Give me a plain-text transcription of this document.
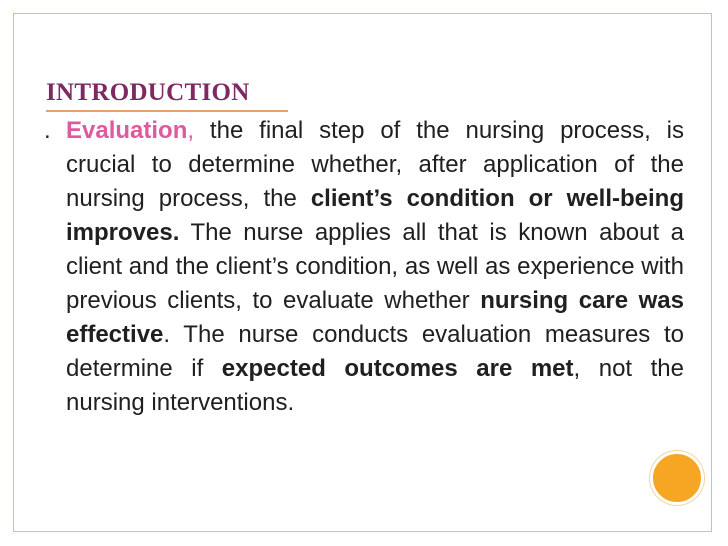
INTRODUCTION
. Evaluation, the final step of the nursing process, is crucial to determine whether, after application of the nursing process, the client’s condition or well-being improves. The nurse applies all that is known about a client and the client’s condition, as well as experience with previous clients, to evaluate whether nursing care was effective. The nurse conducts evaluation measures to determine if expected outcomes are met, not the nursing interventions.
